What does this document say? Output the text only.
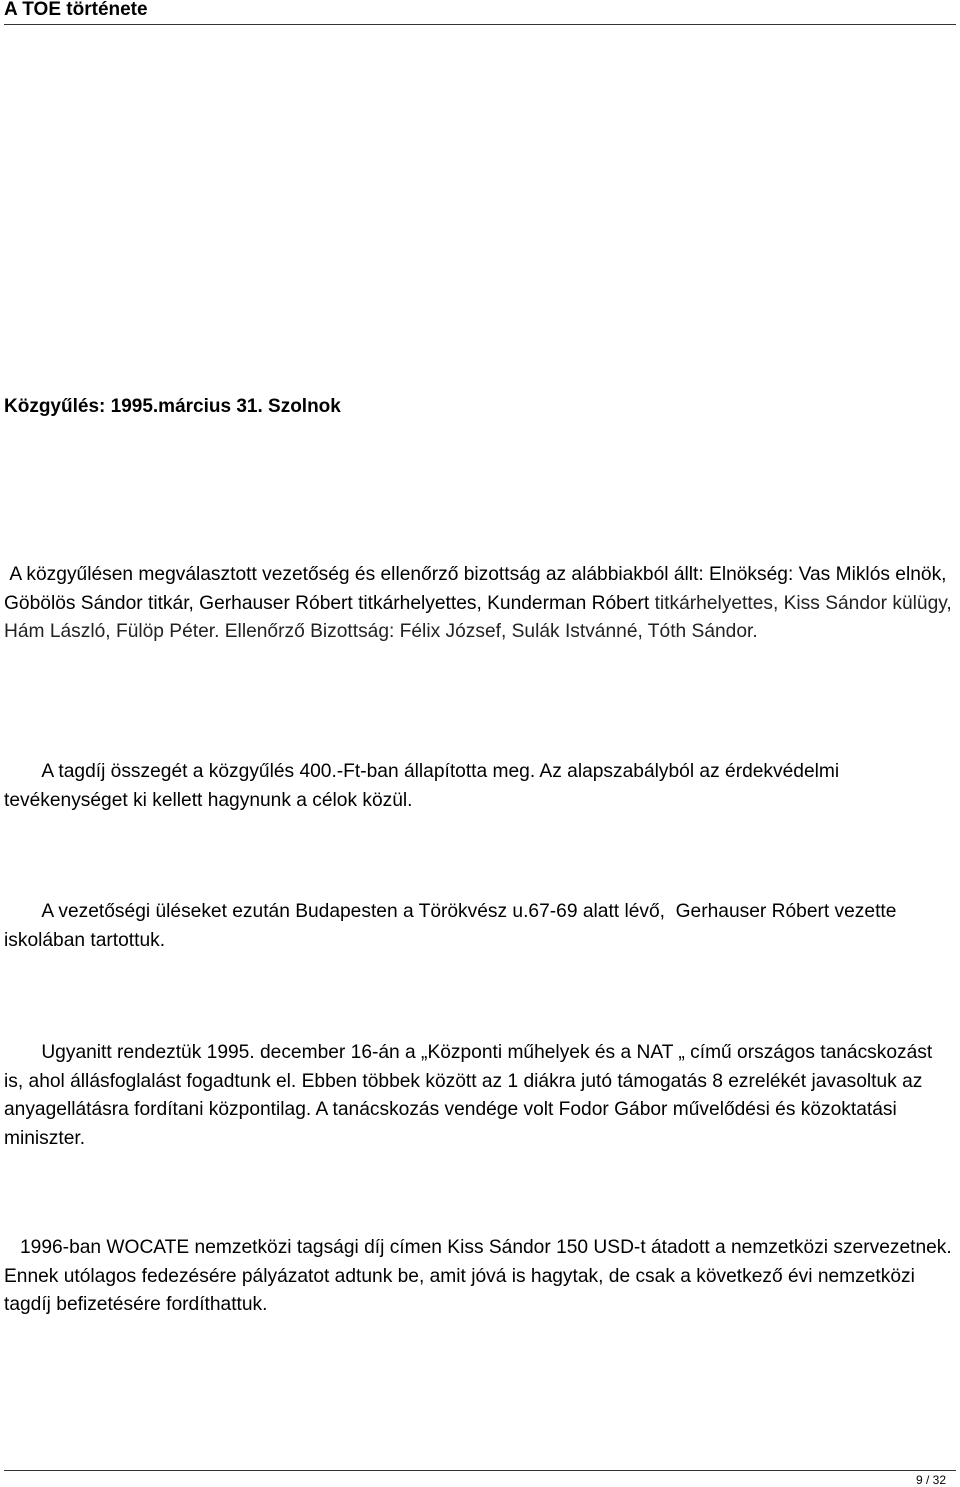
A TOE története
Közgyűlés: 1995.március 31. Szolnok

A közgyűlésen megválasztott vezetőség és ellenőrző bizottság az alábbiakból állt: Elnökség: Vas Miklós elnök, Göbölös Sándor titkár, Gerhauser Róbert titkárhelyettes, Kunderman Róbert titkárhelyettes, Kiss Sándor külügy, Hám László, Fülöp Péter. Ellenőrző Bizottság: Félix József, Sulák Istvánné, Tóth Sándor.

A tagdíj összegét a közgyűlés 400.-Ft-ban állapította meg. Az alapszabályból az érdekvédelmi tevékenységet ki kellett hagynunk a célok közül.

A vezetőségi üléseket ezután Budapesten a Törökvész u.67-69 alatt lévő,  Gerhauser Róbert vezette iskolában tartottuk.

Ugyanitt rendeztük 1995. december 16-án a „Központi műhelyek és a NAT „ című országos tanácskozást is, ahol állásfoglalást fogadtunk el. Ebben többek között az 1 diákra jutó támogatás 8 ezrelékét javasoltuk az anyagellátásra fordítani központilag. A tanácskozás vendége volt Fodor Gábor művelődési és közoktatási miniszter.

1996-ban WOCATE nemzetközi tagsági díj címen Kiss Sándor 150 USD-t átadott a nemzetközi szervezetnek. Ennek utólagos fedezésére pályázatot adtunk be, amit jóvá is hagytak, de csak a következő évi nemzetközi tagdíj befizetésére fordíthattuk.

9 / 32
